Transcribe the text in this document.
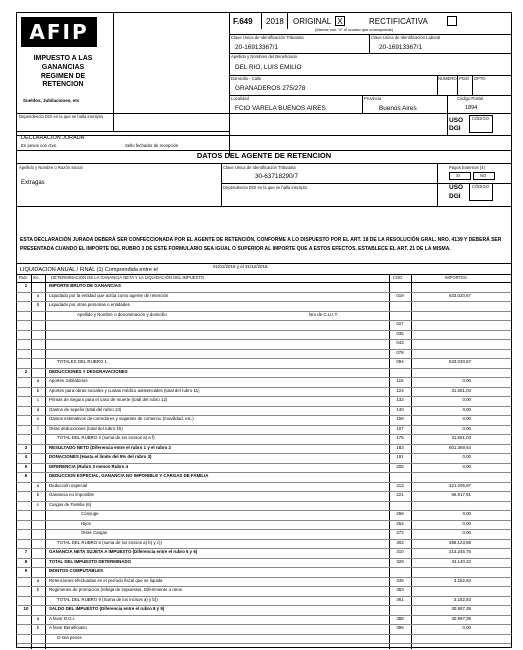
AFIP
IMPUESTO A LAS
GANANCIAS
REGIMEN DE
RETENCION
Sueldos, Jubilaciones, etc
DECLARACION JURADA
En pesos con ctvs.	Sello fechador de recepción
F.649 2018 ORIGINAL X	RECTIFICATIVA
(Marcar con "X" el cuadro que corresponda)
Clave Única de Identificación Tributaria
20-16913367/1
Clave Única de Identificación Laboral
20-16913367/1
Apellido y Nombres del Beneficiario
DEL RIO, LUIS EMILIO
Domicilio - Calle
GRANADEROS 275/278
NÚMERO PISO DPTO
Localidad
FCIO VARELA BUENOS AIRES
Provincia
Buenos Aires
Código Postal
1894
Dependencia DGI en la que se halla inscripto
USO
DGI
CÓDIGO
DATOS DEL AGENTE DE RETENCION
Apellido y Nombre o Razón Social
Extragas
Clave Única de Identificación Tributaria
30-63718290/7
Dependencia DGI en la que se halla inscripto
Pagos Externos (4)
SI	NO
USO
DGI
CÓDIGO
ESTA DECLARACIÓN JURADA DEBERÁ SER CONFECCIONADA POR EL AGENTE DE RETENCIÓN, CONFORME A LO DISPUESTO POR EL ART. 18 DE LA RESOLUCIÓN GRAL. NRO. 4139 Y DEBERÁ SER PRESENTADA CUANDO EL IMPORTE DEL RUBRO 3 DE ESTE FORMULARIO SEA IGUAL O SUPERIOR AL IMPORTE QUE A ESTOS EFECTOS, ESTABLECE EL ART. 21 DE LA MISMA.
LIQUIDACION ANUAL / FINAL (1) Comprendida entre el
01/01/2018 y el 31/12/2018
Rub. Inc.	DETERMINACIÓN DE LA GANANCIA NETA Y LA LIQUIDACIÓN DEL IMPUESTO	COD	IMPORTES
1	IMPORTE BRUTO DE GANANCIAS
a	Liquidado por la entidad que actúa como agente de retención	019	633.020,67
b	Liquidado por otras personas o entidades
Apellido y Nombre o denominación y domicilio	Nro de C.U.I.T.
027
035
043
078
TOTALES DEL RUBRO 1	094	633.020,67
2	DEDUCCIONES Y DESGRAVACIONES
a	Aportes Jubilatorios	116	0,00
b	Aportes para obras sociales y cuotas médico asistenciales (total del rubro 11)	124	31.651,03
c	Primas de Seguro para el caso de muerte (total del rubro 12)	132	0,00
d	Gastos de sepelio (total del rubro 13)	140	0,00
e	Gastos estimativos de corredores y viajantes de comercio (movilidad, etc.)	159	0,00
f	Otras deducciones (total del rubro 15)	167	0,00
TOTAL DEL RUBRO 2 (suma de los incisos a) a f)	175	31.651,03
3	RESULTADO NETO (Diferencia entre el rubro 1 y el rubro 2	183	601.369,64
4	DONACIONES (Hasta el límite del 5% del rubro 3)	191	0,00
5	DIFERENCIA (Rubro 3 menos Rubro 4	205	0,00
6	DEDUCCION ESPECIAL, GANANCIA NO IMPONIBLE Y CARGAS DE FAMILIA
a	Deducción especial	213	321.205,97
b	Ganancia no imponible	221	66.917,91
c	Cargas de Familia (6)
Cónyuge	256	0,00
Hijos	264	0,00
Otras Cargas	272	0,00
TOTAL DEL RUBRO 6 (suma de los incisos a) b) y c))	302	388.123,88
7	GANANCIA NETA SUJETA A IMPUESTO (Diferencia entre el rubro 5 y 6)	310	213.245,76
8	TOTAL DEL IMPUESTO DETERMINADO	329	34.140,22
9	MONTOS COMPUTABLES
a	Retenciones efectuadas en el período fiscal que se liquida	345	3.152,83
b	Regímenes de promoción (rebaja de impuestos, Diferimiento u otros	353
TOTAL DEL RUBRO 9 (Suma de los incisos a) y b))	361	3.152,83
10	SALDO DEL IMPUESTO (Diferencia entre el rubro 8 y 9)	30.987,39
a	A favor D.G.I.	388	30.987,39
b	A favor Beneficiario	396	0,00
O sea pesos
